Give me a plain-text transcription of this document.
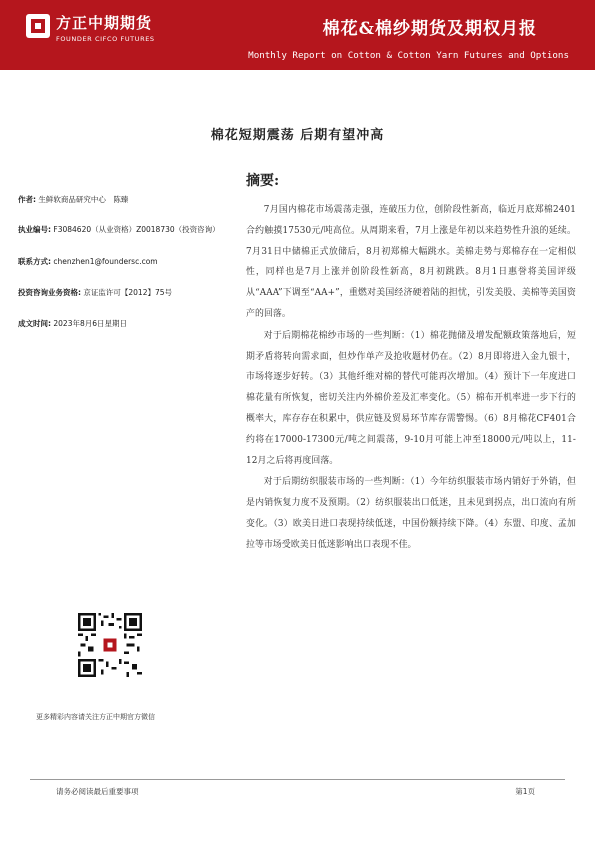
方正中期期货
FOUNDER CIFCO FUTURES	棉花&棉纱期货及期权月报
Monthly Report on Cotton & Cotton Yarn Futures and Options
棉花短期震荡 后期有望冲高
摘要:
作者: 生鲜软商品研究中心　陈臻
执业编号: F3084620（从业资格）Z0018730（投资咨询）
联系方式: chenzhen1@foundersc.com
投资咨询业务资格: 京证监许可【2012】75号
成文时间: 2023年8月6日星期日

7月国内棉花市场震荡走强，连破压力位，创阶段性新高，临近月底郑棉2401合约触摸17530元/吨高位。从周期来看，7月上涨是年初以来趋势性升浪的延续。7月31日中储棉正式放储后，8月初郑棉大幅跳水。美棉走势与郑棉存在一定相似性，同样也是7月上涨并创阶段性新高，8月初跳跌。8月1日惠誉将美国评级从“AAA”下调至“AA+”，重燃对美国经济硬着陆的担忧，引发美股、美棉等美国资产的回落。

对于后期棉花棉纱市场的一些判断：（1）棉花抛储及增发配额政策落地后，短期矛盾将转向需求面，但炒作单产及抢收题材仍在。（2）8月即将进入金九银十，市场将逐步好转。（3）其他纤维对棉的替代可能再次增加。（4）预计下一年度进口棉花量有所恢复，密切关注内外棉价差及汇率变化。（5）棉布开机率进一步下行的概率大，库存存在积累中，供应链及贸易环节库存需警惕。（6）8月棉花CF401合约将在17000-17300元/吨之间震荡，9-10月可能上冲至18000元/吨以上，11-12月之后将再度回落。

对于后期纺织服装市场的一些判断：（1）今年纺织服装市场内销好于外销，但是内销恢复力度不及预期。（2）纺织服装出口低迷，且未见到拐点，出口流向有所变化。（3）欧美日进口表现持续低迷，中国份额持续下降。（4）东盟、印度、孟加拉等市场受欧美日低迷影响出口表现不佳。

更多精彩内容请关注方正中期官方微信
请务必阅读最后重要事项	第1页
